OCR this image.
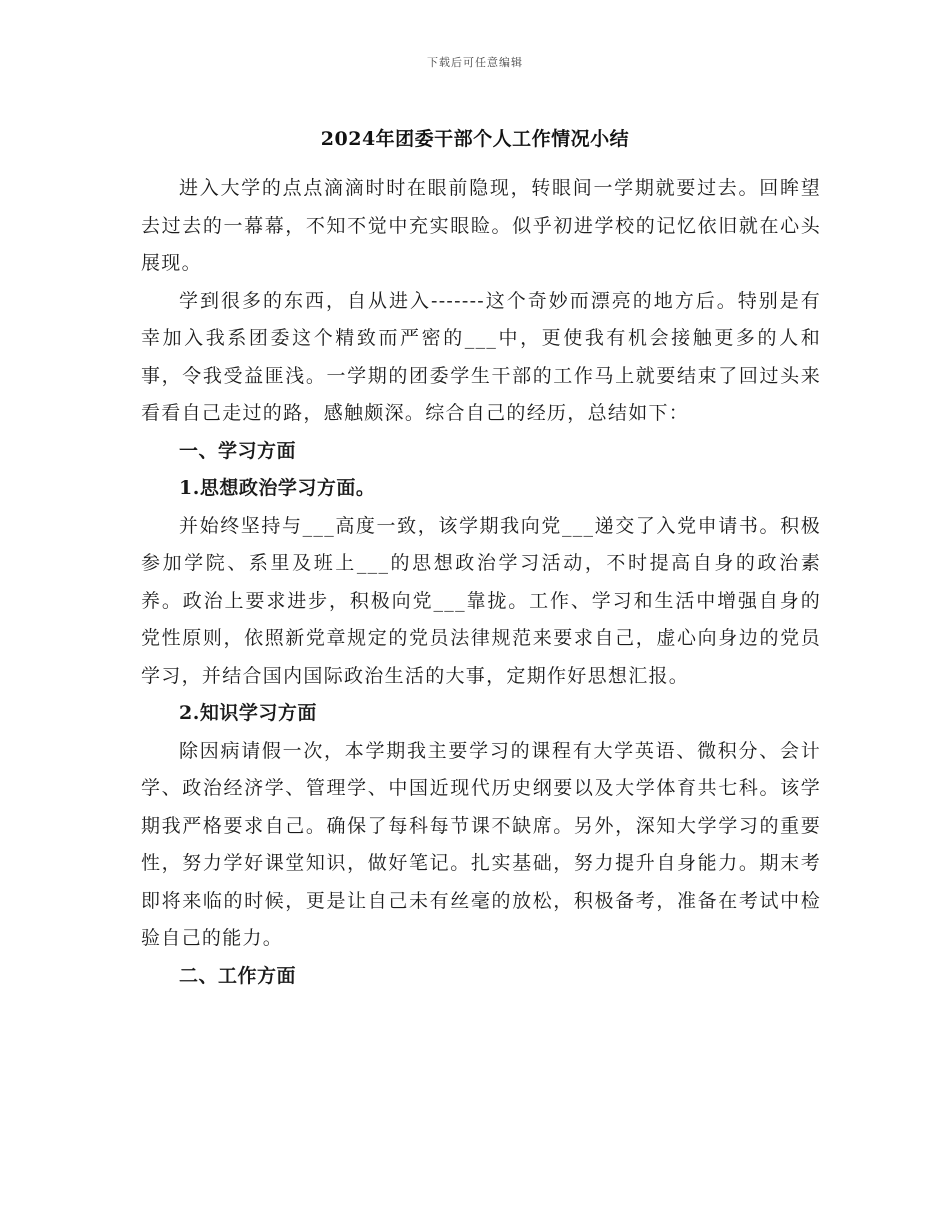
下载后可任意编辑
2024年团委干部个人工作情况小结

进入大学的点点滴滴时时在眼前隐现，转眼间一学期就要过去。回眸望去过去的一幕幕，不知不觉中充实眼睑。似乎初进学校的记忆依旧就在心头展现。

学到很多的东西，自从进入-------这个奇妙而漂亮的地方后。特别是有幸加入我系团委这个精致而严密的___中，更使我有机会接触更多的人和事，令我受益匪浅。一学期的团委学生干部的工作马上就要结束了回过头来看看自己走过的路，感触颇深。综合自己的经历，总结如下：

一、学习方面

1.思想政治学习方面。

并始终坚持与___高度一致，该学期我向党___递交了入党申请书。积极参加学院、系里及班上___的思想政治学习活动，不时提高自身的政治素养。政治上要求进步，积极向党___靠拢。工作、学习和生活中增强自身的党性原则，依照新党章规定的党员法律规范来要求自己，虚心向身边的党员学习，并结合国内国际政治生活的大事，定期作好思想汇报。

2.知识学习方面

除因病请假一次，本学期我主要学习的课程有大学英语、微积分、会计学、政治经济学、管理学、中国近现代历史纲要以及大学体育共七科。该学期我严格要求自己。确保了每科每节课不缺席。另外，深知大学学习的重要性，努力学好课堂知识，做好笔记。扎实基础，努力提升自身能力。期末考即将来临的时候，更是让自己未有丝毫的放松，积极备考，准备在考试中检验自己的能力。

二、工作方面
